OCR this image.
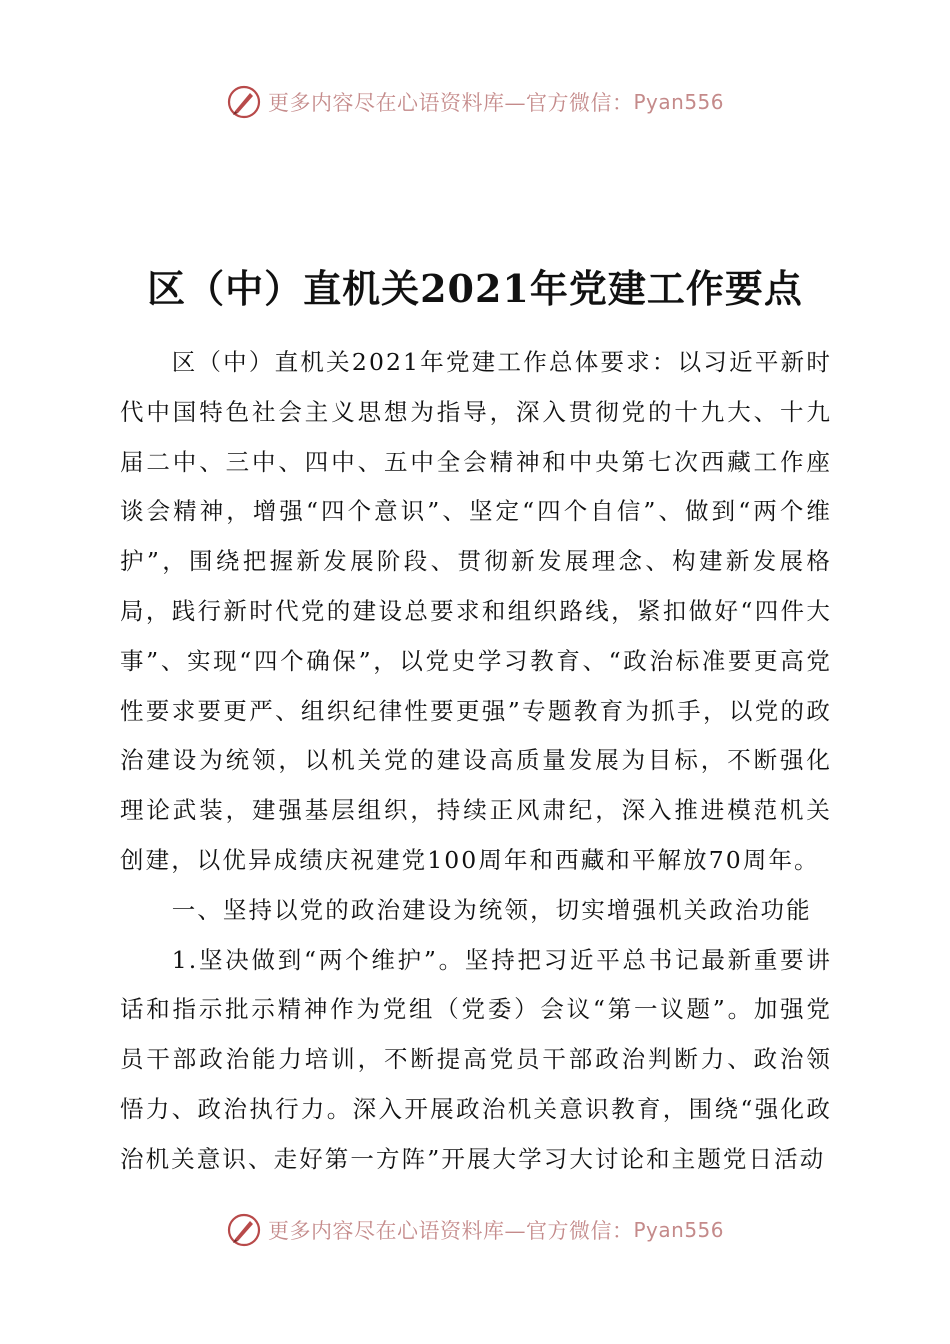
更多内容尽在心语资料库—官方微信： Pyan556
区（中）直机关2021年党建工作要点

区（中）直机关2021年党建工作总体要求：以习近平新时代中国特色社会主义思想为指导，深入贯彻党的十九大、十九届二中、三中、四中、五中全会精神和中央第七次西藏工作座谈会精神，增强“四个意识”、坚定“四个自信”、做到“两个维护”，围绕把握新发展阶段、贯彻新发展理念、构建新发展格局，践行新时代党的建设总要求和组织路线，紧扣做好“四件大事”、实现“四个确保”，以党史学习教育、“政治标准要更高党性要求要更严、组织纪律性要更强”专题教育为抓手，以党的政治建设为统领，以机关党的建设高质量发展为目标，不断强化理论武装，建强基层组织，持续正风肃纪，深入推进模范机关创建，以优异成绩庆祝建党100周年和西藏和平解放70周年。

一、坚持以党的政治建设为统领，切实增强机关政治功能

1.坚决做到“两个维护”。坚持把习近平总书记最新重要讲话和指示批示精神作为党组（党委）会议“第一议题”。加强党员干部政治能力培训，不断提高党员干部政治判断力、政治领悟力、政治执行力。深入开展政治机关意识教育，围绕“强化政治机关意识、走好第一方阵”开展大学习大讨论和主题党日活动

更多内容尽在心语资料库—官方微信： Pyan556
